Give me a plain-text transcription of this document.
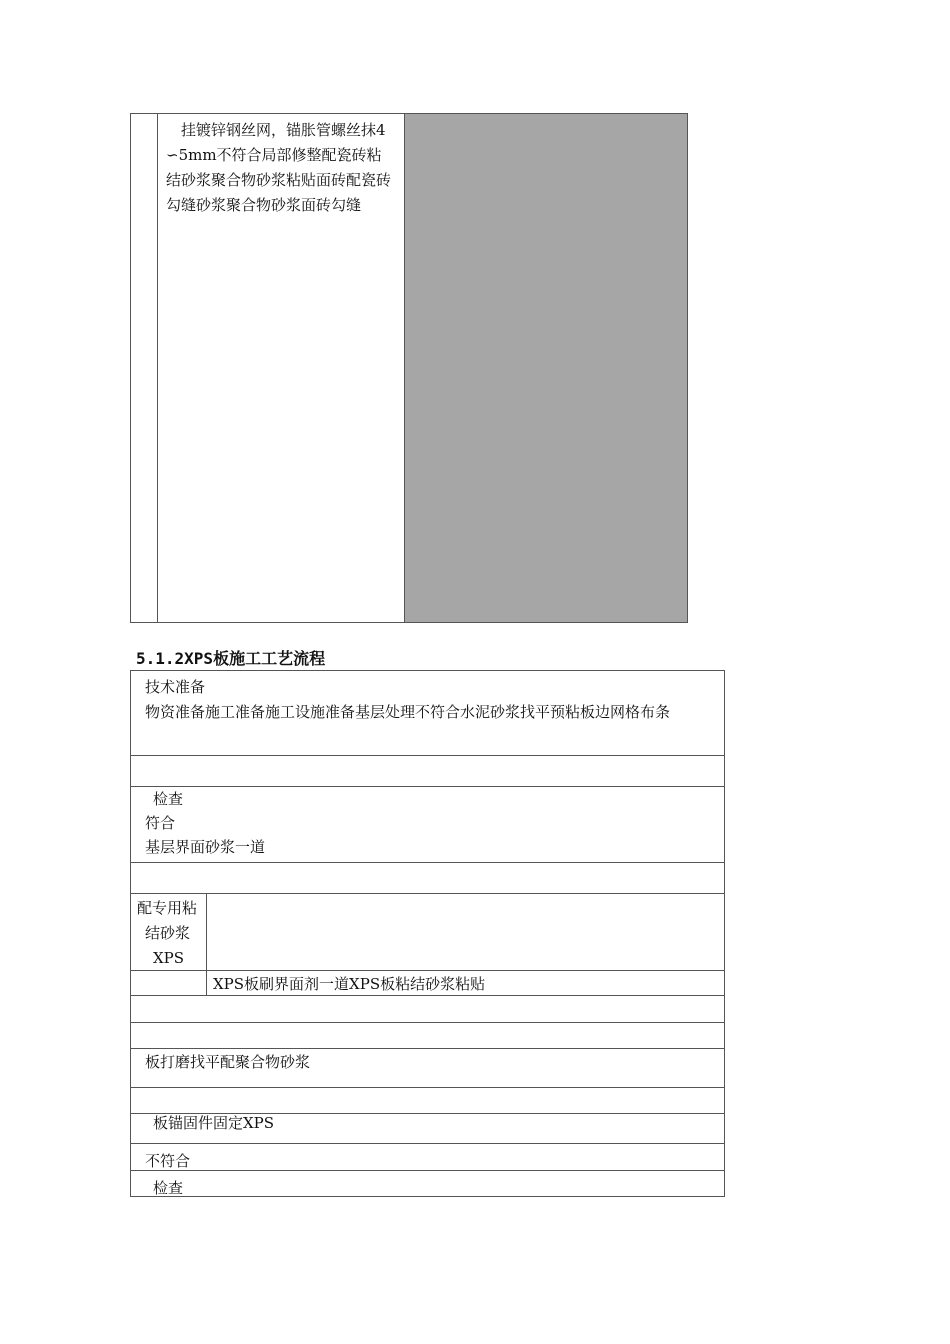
挂镀锌钢丝网，锚胀管螺丝抹4∽5mm不符合局部修整配瓷砖粘结砂浆聚合物砂浆粘贴面砖配瓷砖勾缝砂浆聚合物砂浆面砖勾缝
5.1.2XPS板施工工艺流程
技术准备
物资准备施工准备施工设施准备基层处理不符合水泥砂浆找平预粘板边网格布条
检查
符合
基层界面砂浆一道
配专用粘
结砂浆
XPS
XPS板刷界面剂一道XPS板粘结砂浆粘贴
板打磨找平配聚合物砂浆
板锚固件固定XPS
不符合
检查
